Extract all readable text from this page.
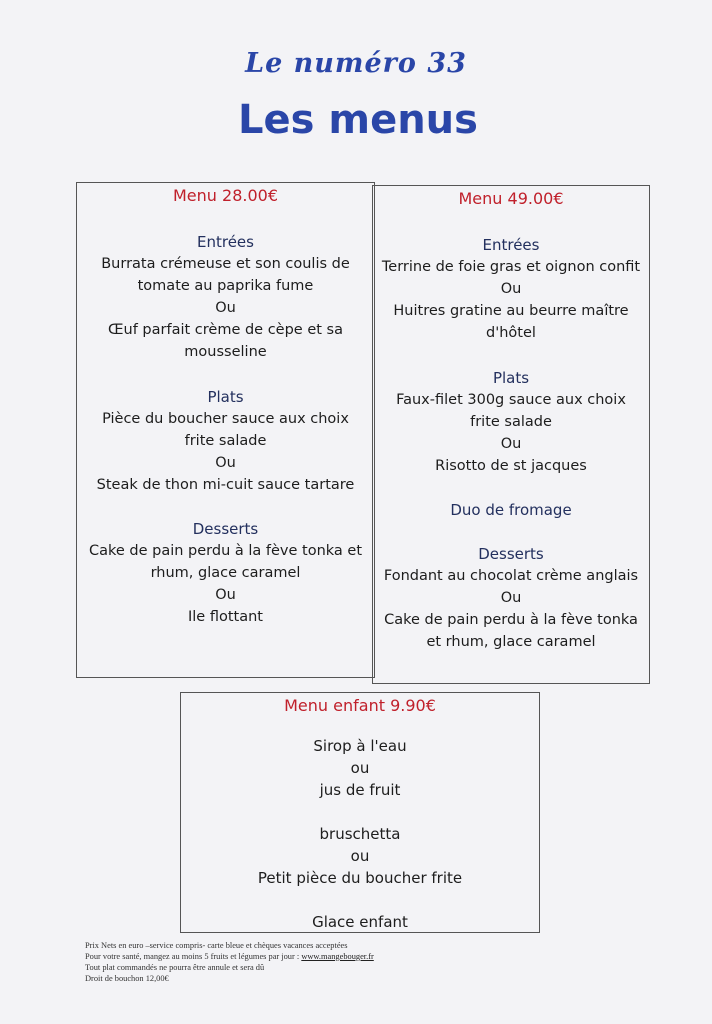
Le numéro 33
Les menus
Menu 28.00€
Entrées
Burrata crémeuse et son coulis de
tomate au paprika fume
Ou
Œuf parfait crème de cèpe et sa
mousseline
Plats
Pièce du boucher sauce aux choix
frite salade
Ou
Steak de thon mi-cuit sauce tartare
Desserts
Cake de pain perdu à la fève tonka et
rhum, glace caramel
Ou
Ile flottant
Menu 49.00€
Entrées
Terrine de foie gras et oignon confit
Ou
Huitres gratine au beurre maître
d'hôtel
Plats
Faux-filet 300g sauce aux choix
frite salade
Ou
Risotto de st jacques
Duo de fromage
Desserts
Fondant au chocolat crème anglais
Ou
Cake de pain perdu à la fève tonka
et rhum, glace caramel
Menu enfant 9.90€
Sirop à l'eau
ou
jus de fruit
bruschetta
ou
Petit pièce du boucher frite
Glace enfant
Prix Nets en euro –service compris- carte bleue et chèques vacances acceptées
Pour votre santé, mangez au moins 5 fruits et légumes par jour : www.mangebouger.fr
Tout plat commandés ne pourra être annule et sera dû
Droit de bouchon 12,00€
